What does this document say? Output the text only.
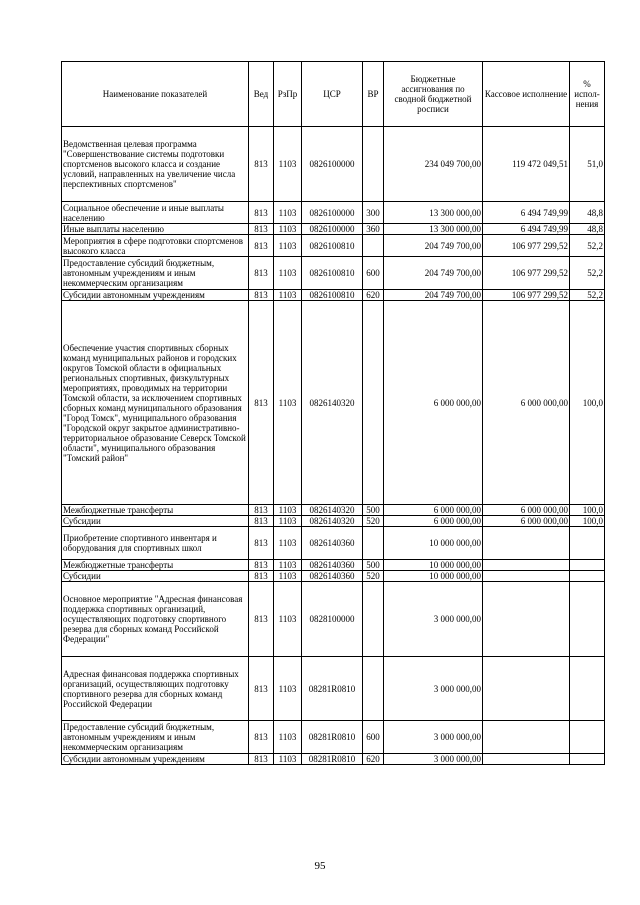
Наименование показателей	Вед	РзПр	ЦСР	ВР	Бюджетные ассигнования по сводной бюджетной росписи	Кассовое исполнение	% испол-нения
Ведомственная целевая программа "Совершенствование системы подготовки спортсменов высокого класса и создание условий, направленных на увеличение числа перспективных спортсменов"	813	1103	0826100000		234 049 700,00	119 472 049,51	51,0
Социальное обеспечение и иные выплаты населению	813	1103	0826100000	300	13 300 000,00	6 494 749,99	48,8
Иные выплаты населению	813	1103	0826100000	360	13 300 000,00	6 494 749,99	48,8
Мероприятия в сфере подготовки спортсменов высокого класса	813	1103	0826100810		204 749 700,00	106 977 299,52	52,2
Предоставление субсидий бюджетным, автономным учреждениям и иным некоммерческим организациям	813	1103	0826100810	600	204 749 700,00	106 977 299,52	52,2
Субсидии автономным учреждениям	813	1103	0826100810	620	204 749 700,00	106 977 299,52	52,2
Обеспечение участия спортивных сборных команд муниципальных районов и городских округов Томской области в официальных региональных спортивных, физкультурных мероприятиях, проводимых на территории Томской области, за исключением спортивных сборных команд муниципального образования "Город Томск", муниципального образования "Городской округ закрытое административно-территориальное образование Северск Томской области", муниципального образования "Томский район"	813	1103	0826140320		6 000 000,00	6 000 000,00	100,0
Межбюджетные трансферты	813	1103	0826140320	500	6 000 000,00	6 000 000,00	100,0
Субсидии	813	1103	0826140320	520	6 000 000,00	6 000 000,00	100,0
Приобретение спортивного инвентаря и оборудования для спортивных школ	813	1103	0826140360		10 000 000,00		
Межбюджетные трансферты	813	1103	0826140360	500	10 000 000,00		
Субсидии	813	1103	0826140360	520	10 000 000,00		
Основное мероприятие "Адресная финансовая поддержка спортивных организаций, осуществляющих подготовку спортивного резерва для сборных команд Российской Федерации"	813	1103	0828100000		3 000 000,00		
Адресная финансовая поддержка спортивных организаций, осуществляющих подготовку спортивного резерва для сборных команд Российской Федерации	813	1103	08281R0810		3 000 000,00		
Предоставление субсидий бюджетным, автономным учреждениям и иным некоммерческим организациям	813	1103	08281R0810	600	3 000 000,00		
Субсидии автономным учреждениям	813	1103	08281R0810	620	3 000 000,00		
95
